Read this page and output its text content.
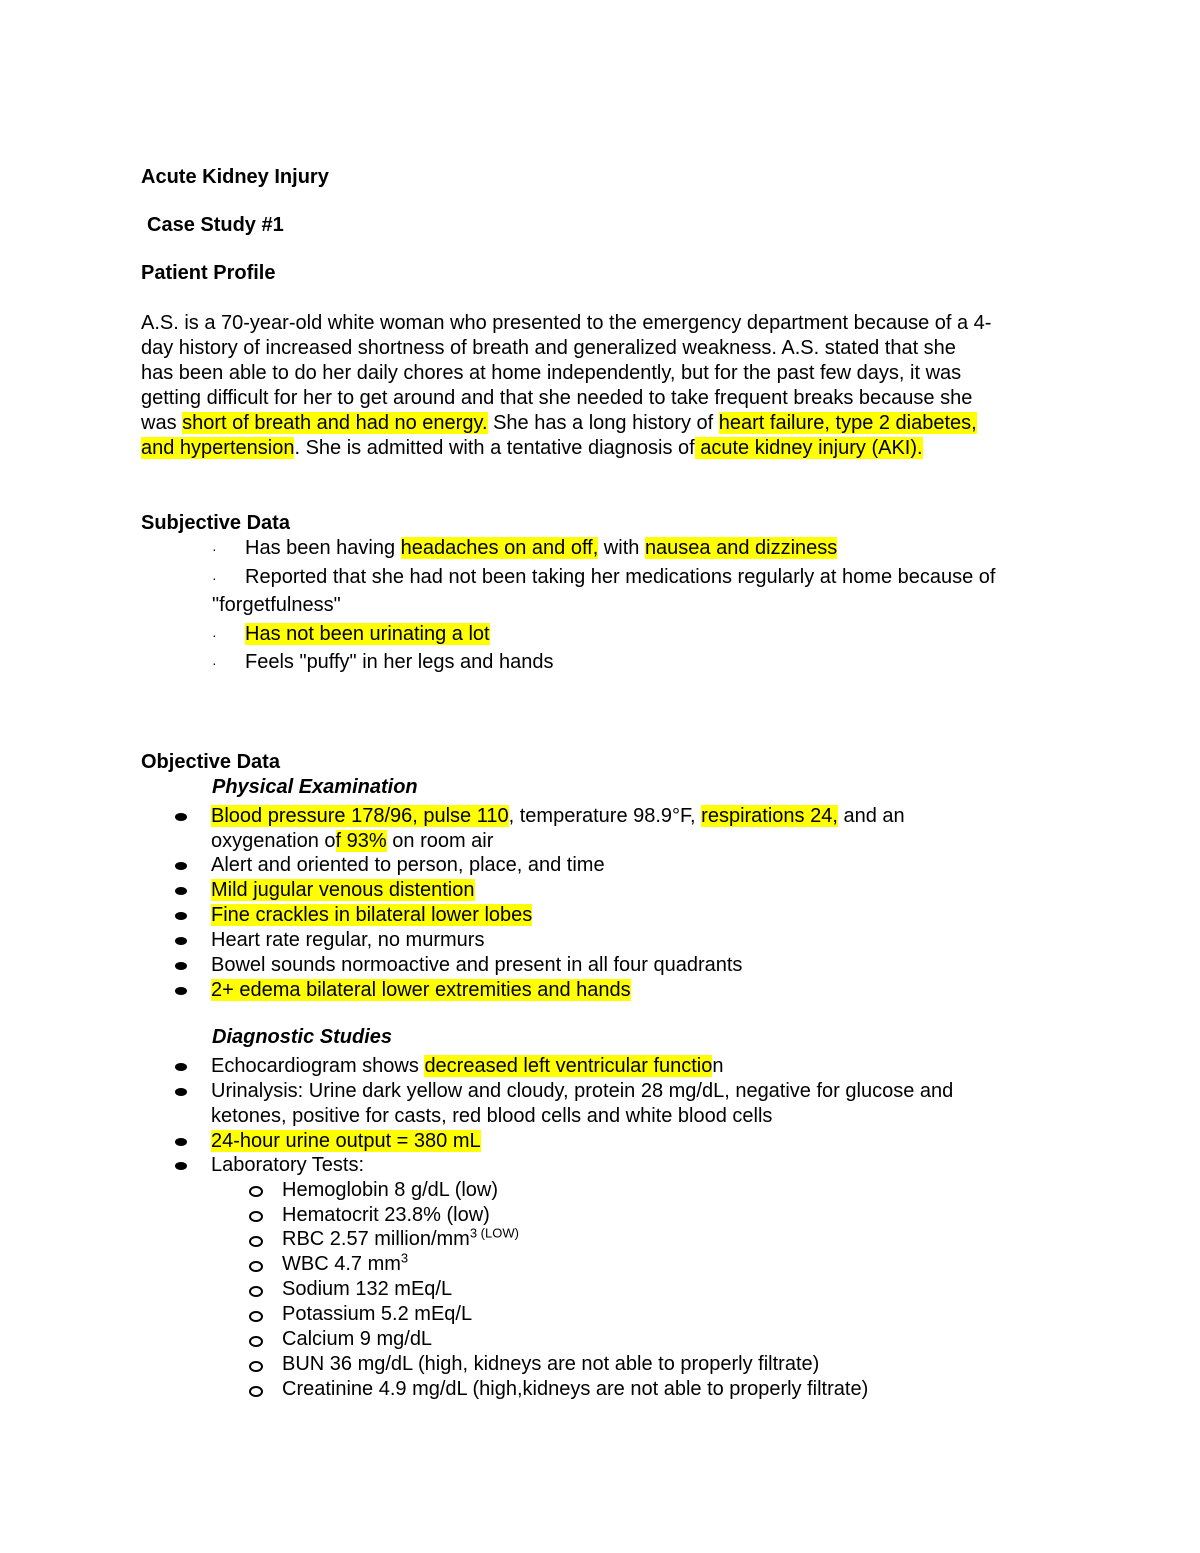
Acute Kidney Injury
Case Study #1
Patient Profile
A.S. is a 70-year-old white woman who presented to the emergency department because of a 4-
day history of increased shortness of breath and generalized weakness. A.S. stated that she
has been able to do her daily chores at home independently, but for the past few days, it was
getting difficult for her to get around and that she needed to take frequent breaks because she
was short of breath and had no energy. She has a long history of heart failure, type 2 diabetes,
and hypertension. She is admitted with a tentative diagnosis of acute kidney injury (AKI).
Subjective Data
· Has been having headaches on and off, with nausea and dizziness
· Reported that she had not been taking her medications regularly at home because of
"forgetfulness"
· Has not been urinating a lot
· Feels "puffy" in her legs and hands
Objective Data
Physical Examination
Blood pressure 178/96, pulse 110, temperature 98.9°F, respirations 24, and an
oxygenation of 93% on room air
Alert and oriented to person, place, and time
Mild jugular venous distention
Fine crackles in bilateral lower lobes
Heart rate regular, no murmurs
Bowel sounds normoactive and present in all four quadrants
2+ edema bilateral lower extremities and hands
Diagnostic Studies
Echocardiogram shows decreased left ventricular function
Urinalysis: Urine dark yellow and cloudy, protein 28 mg/dL, negative for glucose and
ketones, positive for casts, red blood cells and white blood cells
24-hour urine output = 380 mL
Laboratory Tests:
Hemoglobin 8 g/dL (low)
Hematocrit 23.8% (low)
RBC 2.57 million/$mm^{3 (LOW)}$
WBC 4.7 $mm^3$
Sodium 132 mEq/L
Potassium 5.2 mEq/L
Calcium 9 mg/dL
BUN 36 mg/dL (high, kidneys are not able to properly filtrate)
Creatinine 4.9 mg/dL (high,kidneys are not able to properly filtrate)
